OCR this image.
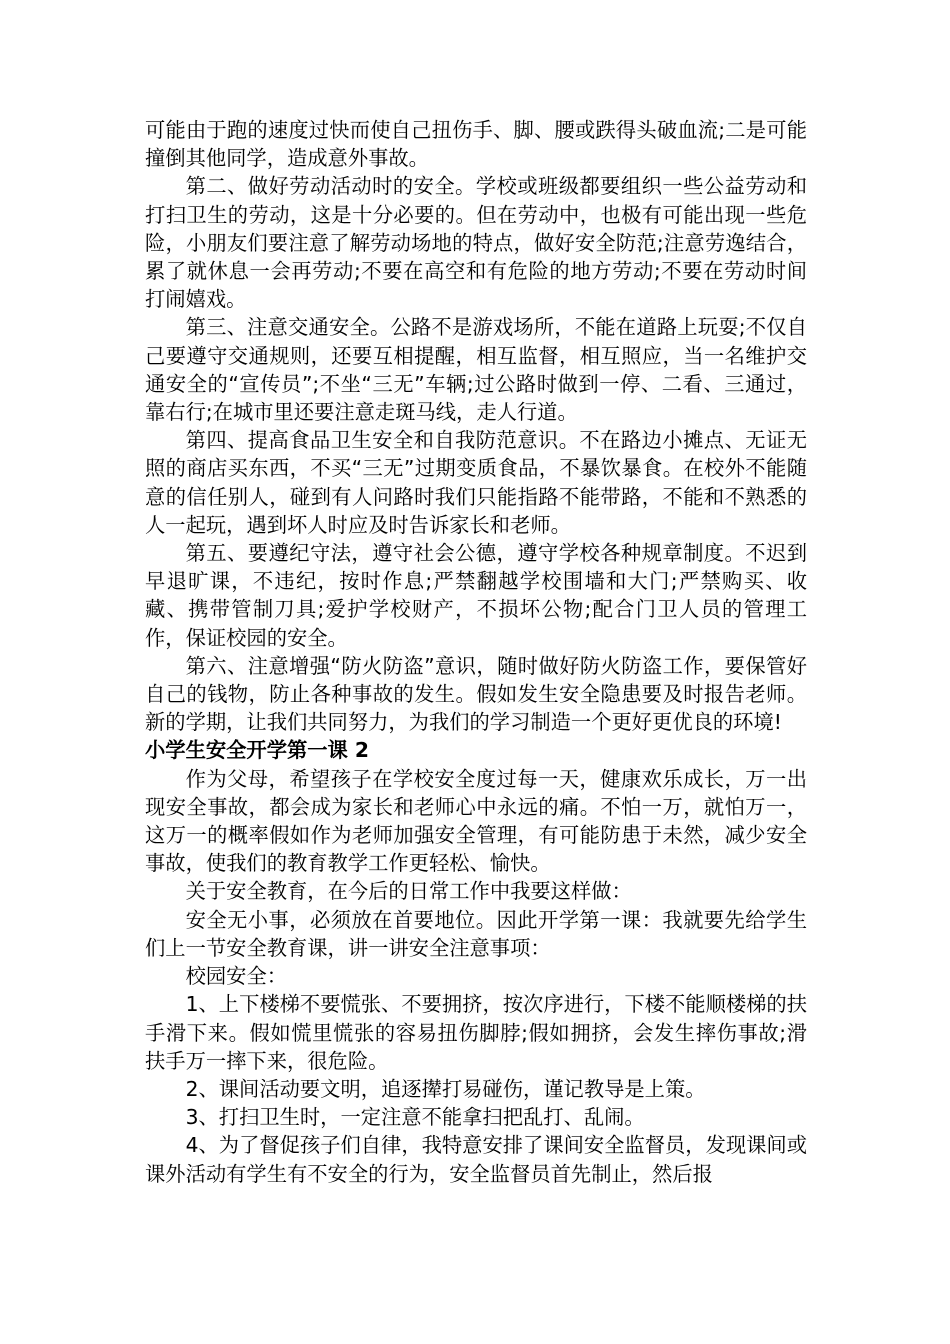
可能由于跑的速度过快而使自己扭伤手、脚、腰或跌得头破血流;二是可能撞倒其他同学，造成意外事故。

第二、做好劳动活动时的安全。学校或班级都要组织一些公益劳动和打扫卫生的劳动，这是十分必要的。但在劳动中，也极有可能出现一些危险，小朋友们要注意了解劳动场地的特点，做好安全防范;注意劳逸结合，累了就休息一会再劳动;不要在高空和有危险的地方劳动;不要在劳动时间打闹嬉戏。

第三、注意交通安全。公路不是游戏场所，不能在道路上玩耍;不仅自己要遵守交通规则，还要互相提醒，相互监督，相互照应，当一名维护交通安全的“宣传员”;不坐“三无”车辆;过公路时做到一停、二看、三通过，靠右行;在城市里还要注意走斑马线，走人行道。

第四、提高食品卫生安全和自我防范意识。不在路边小摊点、无证无照的商店买东西，不买“三无”过期变质食品，不暴饮暴食。在校外不能随意的信任别人，碰到有人问路时我们只能指路不能带路，不能和不熟悉的人一起玩，遇到坏人时应及时告诉家长和老师。

第五、要遵纪守法，遵守社会公德，遵守学校各种规章制度。不迟到早退旷课，不违纪，按时作息;严禁翻越学校围墙和大门;严禁购买、收藏、携带管制刀具;爱护学校财产，不损坏公物;配合门卫人员的管理工作，保证校园的安全。

第六、注意增强“防火防盗”意识，随时做好防火防盗工作，要保管好自己的钱物，防止各种事故的发生。假如发生安全隐患要及时报告老师。新的学期，让我们共同努力，为我们的学习制造一个更好更优良的环境!

小学生安全开学第一课 2

作为父母，希望孩子在学校安全度过每一天，健康欢乐成长，万一出现安全事故，都会成为家长和老师心中永远的痛。不怕一万，就怕万一，这万一的概率假如作为老师加强安全管理，有可能防患于未然，减少安全事故，使我们的教育教学工作更轻松、愉快。

关于安全教育，在今后的日常工作中我要这样做：

安全无小事，必须放在首要地位。因此开学第一课：我就要先给学生们上一节安全教育课，讲一讲安全注意事项：

校园安全：

1、上下楼梯不要慌张、不要拥挤，按次序进行，下楼不能顺楼梯的扶手滑下来。假如慌里慌张的容易扭伤脚脖;假如拥挤，会发生摔伤事故;滑扶手万一摔下来，很危险。

2、课间活动要文明，追逐撵打易碰伤，谨记教导是上策。

3、打扫卫生时，一定注意不能拿扫把乱打、乱闹。

4、为了督促孩子们自律，我特意安排了课间安全监督员，发现课间或课外活动有学生有不安全的行为，安全监督员首先制止，然后报
